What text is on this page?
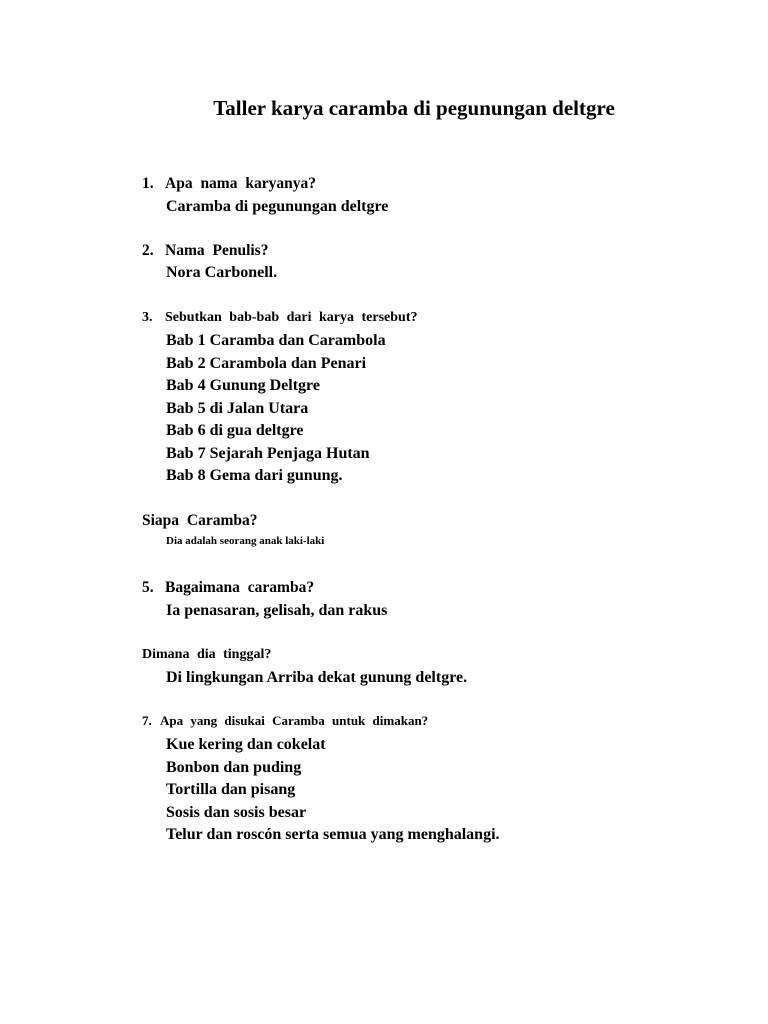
Taller karya caramba di pegunungan deltgre

1. Apa nama karyanya?

Caramba di pegunungan deltgre

2. Nama Penulis?

Nora Carbonell.

3. Sebutkan bab-bab dari karya tersebut?

Bab 1 Caramba dan Carambola

Bab 2 Carambola dan Penari

Bab 4 Gunung Deltgre

Bab 5 di Jalan Utara

Bab 6 di gua deltgre

Bab 7 Sejarah Penjaga Hutan

Bab 8 Gema dari gunung.

Siapa Caramba?

Dia adalah seorang anak laki-laki

5. Bagaimana caramba?

Ia penasaran, gelisah, dan rakus

Dimana dia tinggal?

Di lingkungan Arriba dekat gunung deltgre.

7. Apa yang disukai Caramba untuk dimakan?

Kue kering dan cokelat

Bonbon dan puding

Tortilla dan pisang

Sosis dan sosis besar

Telur dan roscón serta semua yang menghalangi.
